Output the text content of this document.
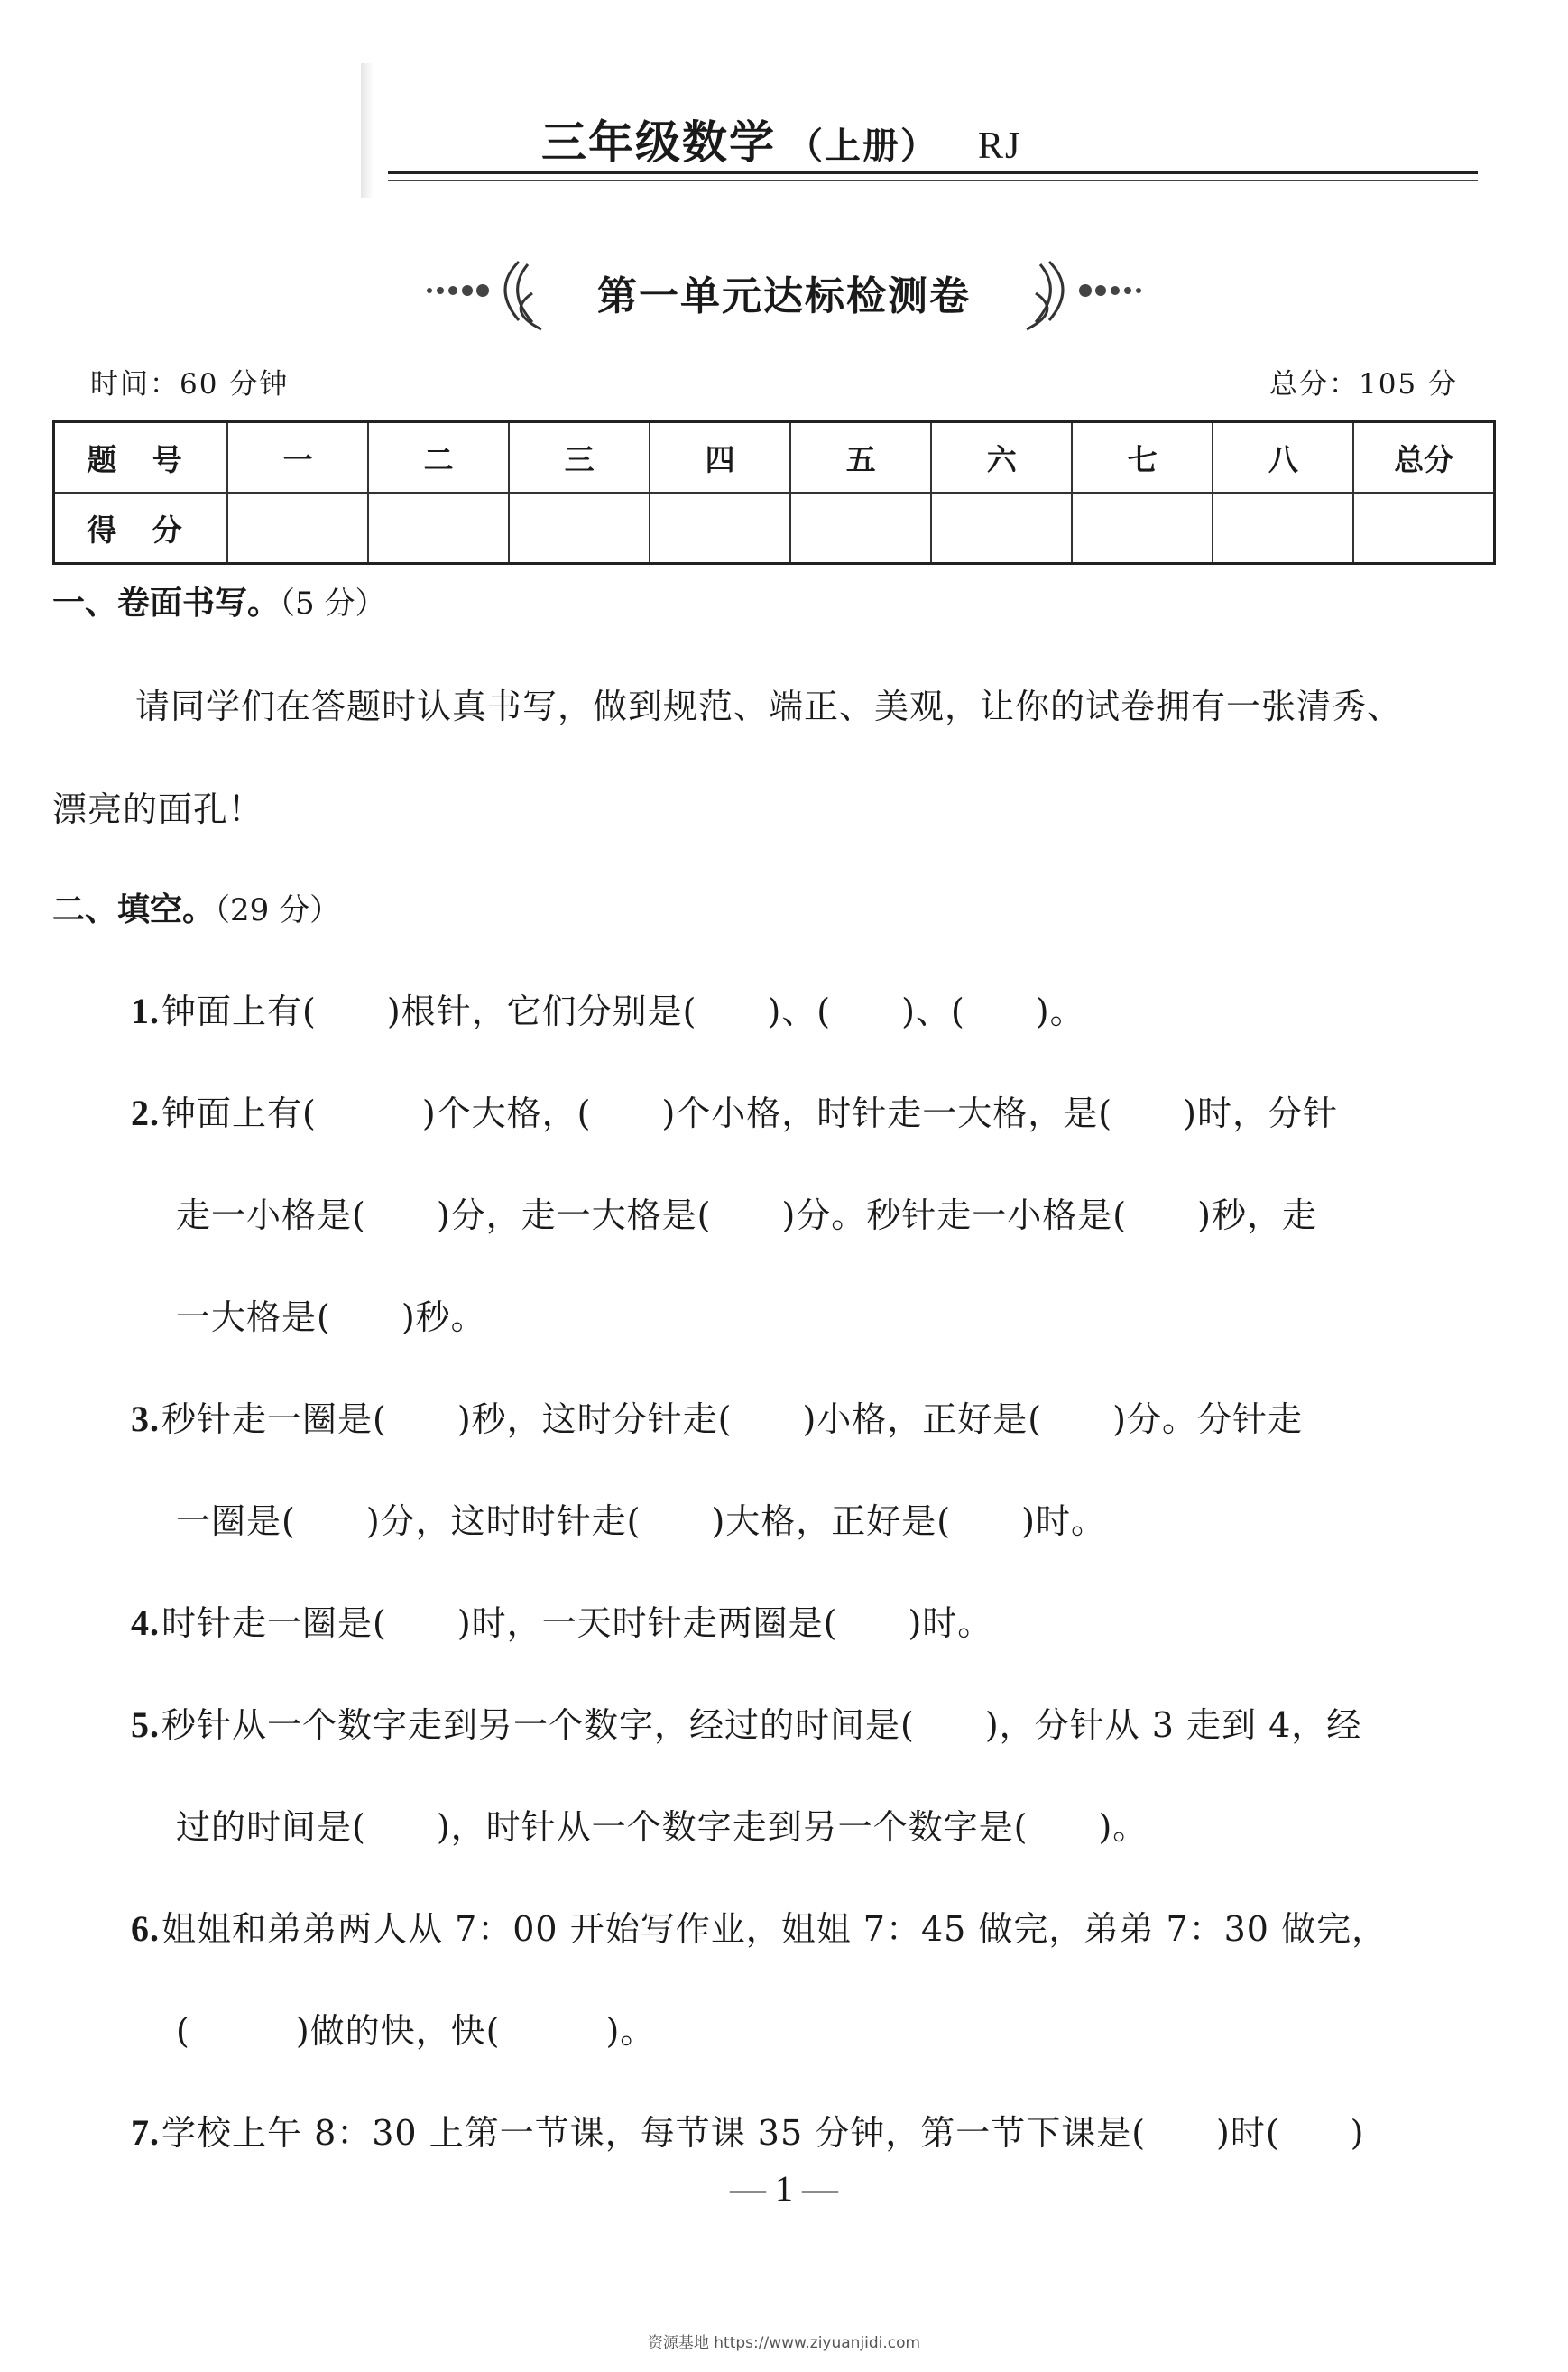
三年级数学 （上册） RJ
第一单元达标检测卷
时间：60 分钟	总分：105 分
题 号	一	二	三	四	五	六	七	八	总分
得 分									
一、卷面书写。（5 分）
请同学们在答题时认真书写，做到规范、端正、美观，让你的试卷拥有一张清秀、
漂亮的面孔！
二、填空。（29 分）
1.钟面上有(　　)根针，它们分别是(　　)、(　　)、(　　)。
2.钟面上有(　　　)个大格，(　　)个小格，时针走一大格，是(　　)时，分针
走一小格是(　　)分，走一大格是(　　)分。秒针走一小格是(　　)秒，走
一大格是(　　)秒。
3.秒针走一圈是(　　)秒，这时分针走(　　)小格，正好是(　　)分。分针走
一圈是(　　)分，这时时针走(　　)大格，正好是(　　)时。
4.时针走一圈是(　　)时，一天时针走两圈是(　　)时。
5.秒针从一个数字走到另一个数字，经过的时间是(　　)，分针从 3 走到 4，经
过的时间是(　　)，时针从一个数字走到另一个数字是(　　)。
6.姐姐和弟弟两人从 7：00 开始写作业，姐姐 7：45 做完，弟弟 7：30 做完，
(　　　)做的快，快(　　　)。
7.学校上午 8：30 上第一节课，每节课 35 分钟，第一节下课是(　　)时(　　)
— 1 —
资源基地 https://www.ziyuanjidi.com
